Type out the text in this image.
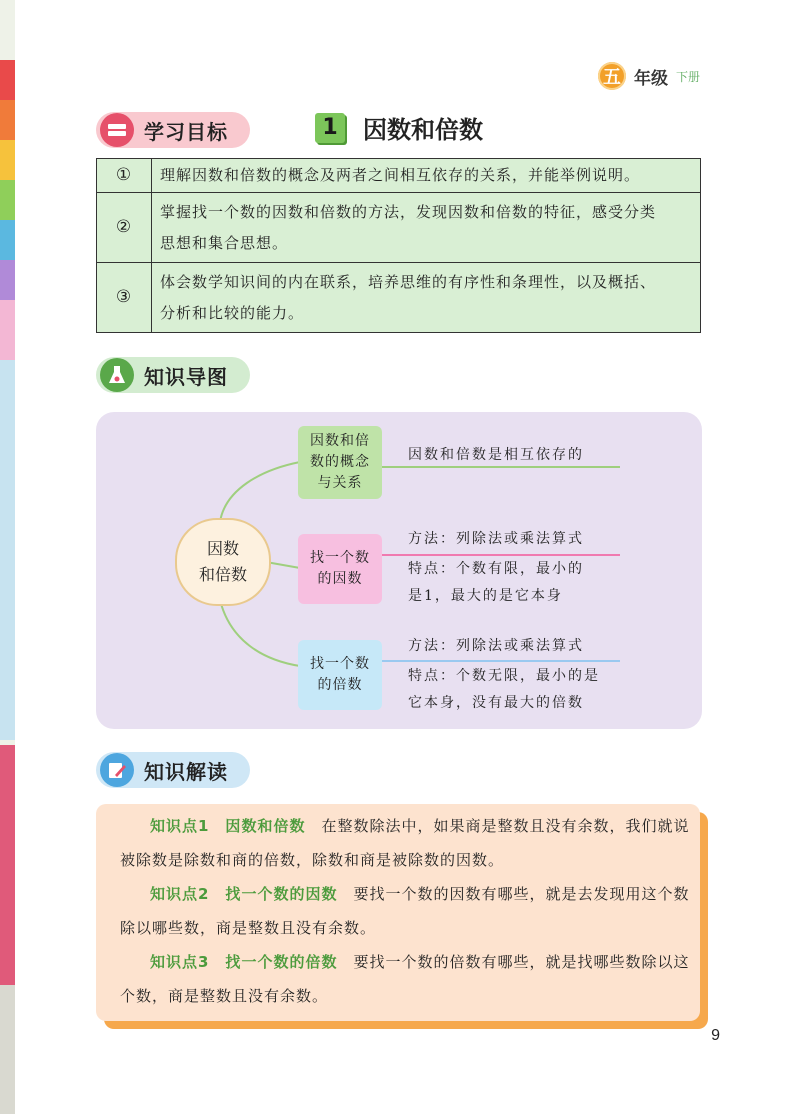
五 年级 下册
学习目标	1	因数和倍数
①	理解因数和倍数的概念及两者之间相互依存的关系，并能举例说明。
②	掌握找一个数的因数和倍数的方法，发现因数和倍数的特征，感受分类
思想和集合思想。

③	体会数学知识间的内在联系，培养思维的有序性和条理性，以及概括、
分析和比较的能力。
知识导图
因数
和倍数
因数和倍
数的概念
与关系
因数和倍数是相互依存的
找一个数
的因数
方法：列除法或乘法算式
特点：个数有限，最小的
是1，最大的是它本身
找一个数
的倍数
方法：列除法或乘法算式
特点：个数无限，最小的是
它本身，没有最大的倍数
知识解读
知识点1　因数和倍数　 在整数除法中，如果商是整数且没有余数，我们就说被除数是除数和商的倍数，除数和商是被除数的因数。
知识点2　找一个数的因数　 要找一个数的因数有哪些，就是去发现用这个数除以哪些数，商是整数且没有余数。
知识点3　找一个数的倍数　 要找一个数的倍数有哪些，就是找哪些数除以这个数，商是整数且没有余数。
9
